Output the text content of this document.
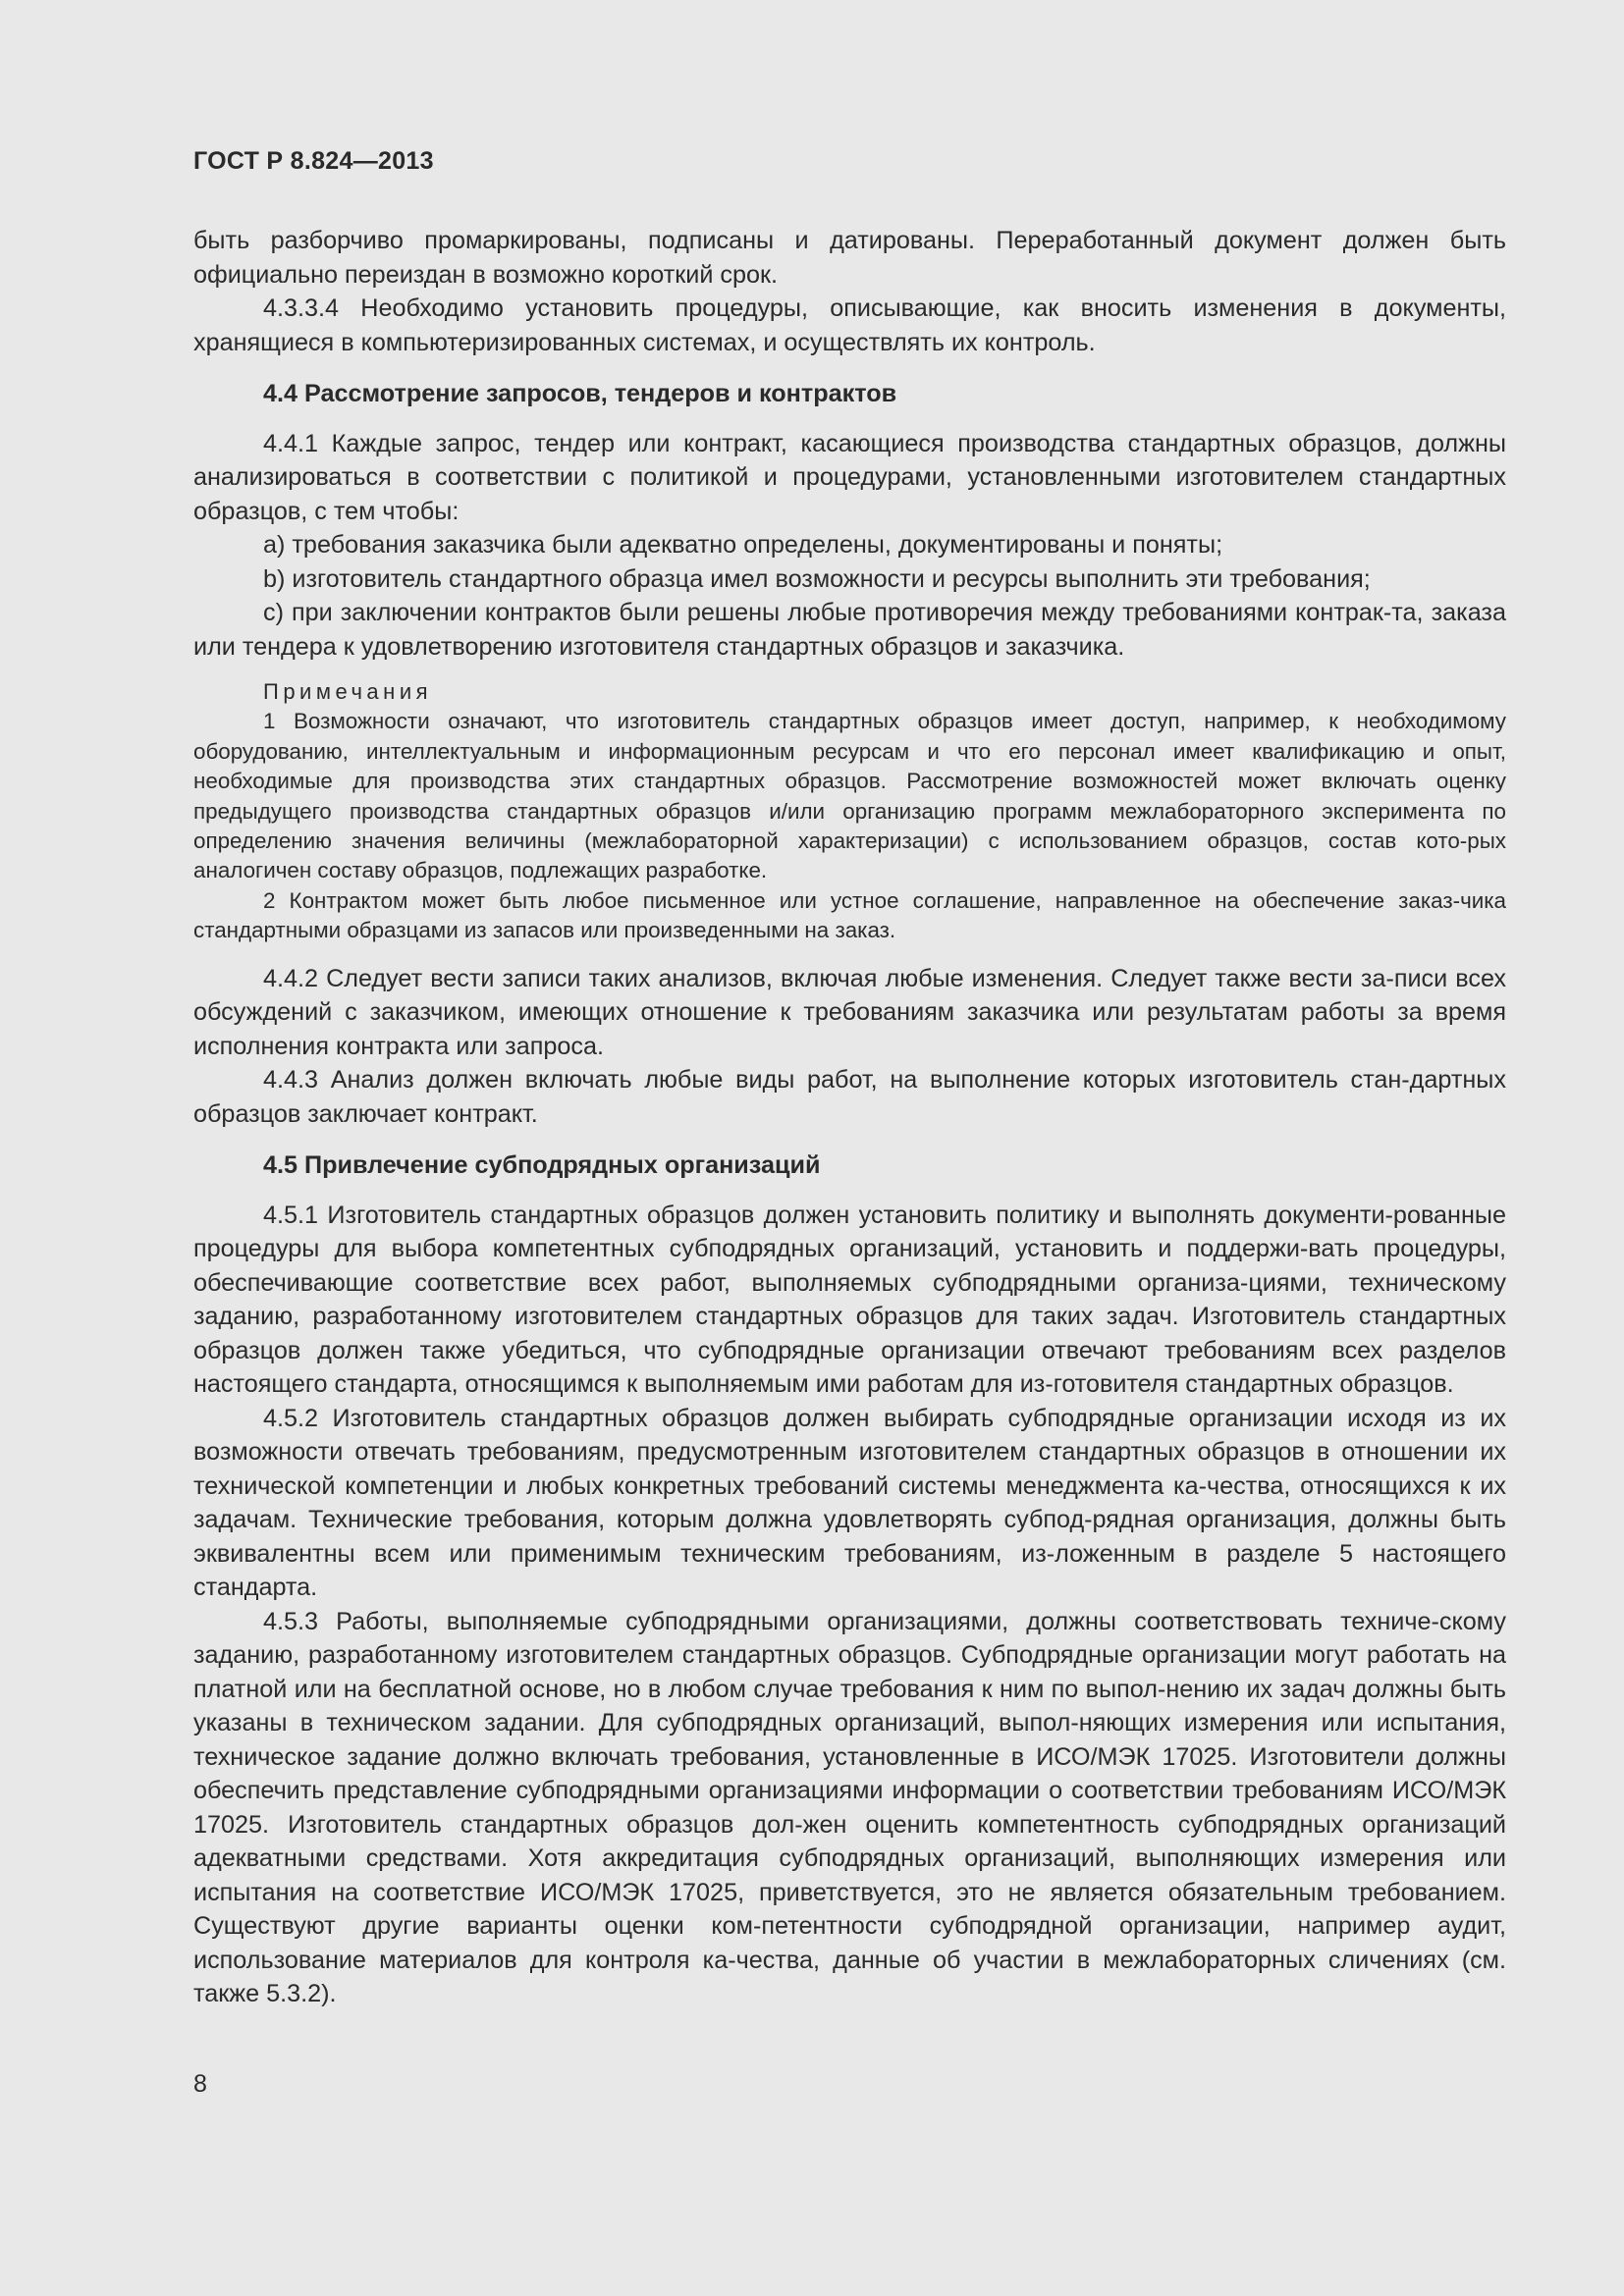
ГОСТ Р 8.824—2013

быть разборчиво промаркированы, подписаны и датированы. Переработанный документ должен быть официально переиздан в возможно короткий срок.

4.3.3.4 Необходимо установить процедуры, описывающие, как вносить изменения в документы, хранящиеся в компьютеризированных системах, и осуществлять их контроль.

4.4 Рассмотрение запросов, тендеров и контрактов

4.4.1 Каждые запрос, тендер или контракт, касающиеся производства стандартных образцов, должны анализироваться в соответствии с политикой и процедурами, установленными изготовителем стандартных образцов, с тем чтобы:

a) требования заказчика были адекватно определены, документированы и поняты;

b) изготовитель стандартного образца имел возможности и ресурсы выполнить эти требования;

c) при заключении контрактов были решены любые противоречия между требованиями контрак-та, заказа или тендера к удовлетворению изготовителя стандартных образцов и заказчика.

Примечания

1 Возможности означают, что изготовитель стандартных образцов имеет доступ, например, к необходимому оборудованию, интеллектуальным и информационным ресурсам и что его персонал имеет квалификацию и опыт, необходимые для производства этих стандартных образцов. Рассмотрение возможностей может включать оценку предыдущего производства стандартных образцов и/или организацию программ межлабораторного эксперимента по определению значения величины (межлабораторной характеризации) с использованием образцов, состав кото-рых аналогичен составу образцов, подлежащих разработке.

2 Контрактом может быть любое письменное или устное соглашение, направленное на обеспечение заказ-чика стандартными образцами из запасов или произведенными на заказ.

4.4.2 Следует вести записи таких анализов, включая любые изменения. Следует также вести за-писи всех обсуждений с заказчиком, имеющих отношение к требованиям заказчика или результатам работы за время исполнения контракта или запроса.

4.4.3 Анализ должен включать любые виды работ, на выполнение которых изготовитель стан-дартных образцов заключает контракт.

4.5 Привлечение субподрядных организаций

4.5.1 Изготовитель стандартных образцов должен установить политику и выполнять документи-рованные процедуры для выбора компетентных субподрядных организаций, установить и поддержи-вать процедуры, обеспечивающие соответствие всех работ, выполняемых субподрядными организа-циями, техническому заданию, разработанному изготовителем стандартных образцов для таких задач. Изготовитель стандартных образцов должен также убедиться, что субподрядные организации отвечают требованиям всех разделов настоящего стандарта, относящимся к выполняемым ими работам для из-готовителя стандартных образцов.

4.5.2 Изготовитель стандартных образцов должен выбирать субподрядные организации исходя из их возможности отвечать требованиям, предусмотренным изготовителем стандартных образцов в отношении их технической компетенции и любых конкретных требований системы менеджмента ка-чества, относящихся к их задачам. Технические требования, которым должна удовлетворять субпод-рядная организация, должны быть эквивалентны всем или применимым техническим требованиям, из-ложенным в разделе 5 настоящего стандарта.

4.5.3 Работы, выполняемые субподрядными организациями, должны соответствовать техниче-скому заданию, разработанному изготовителем стандартных образцов. Субподрядные организации могут работать на платной или на бесплатной основе, но в любом случае требования к ним по выпол-нению их задач должны быть указаны в техническом задании. Для субподрядных организаций, выпол-няющих измерения или испытания, техническое задание должно включать требования, установленные в ИСО/МЭК 17025. Изготовители должны обеспечить представление субподрядными организациями информации о соответствии требованиям ИСО/МЭК 17025. Изготовитель стандартных образцов дол-жен оценить компетентность субподрядных организаций адекватными средствами. Хотя аккредитация субподрядных организаций, выполняющих измерения или испытания на соответствие ИСО/МЭК 17025, приветствуется, это не является обязательным требованием. Существуют другие варианты оценки ком-петентности субподрядной организации, например аудит, использование материалов для контроля ка-чества, данные об участии в межлабораторных сличениях (см. также 5.3.2).

8
